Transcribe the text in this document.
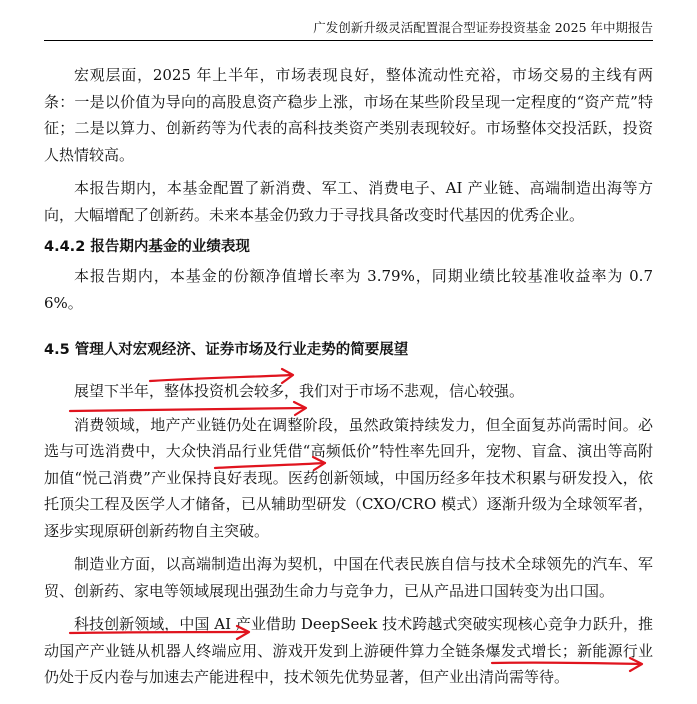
广发创新升级灵活配置混合型证券投资基金 2025 年中期报告

宏观层面，2025 年上半年，市场表现良好，整体流动性充裕，市场交易的主线有两条：一是以价值为导向的高股息资产稳步上涨，市场在某些阶段呈现一定程度的“资产荒”特征；二是以算力、创新药等为代表的高科技类资产类别表现较好。市场整体交投活跃，投资人热情较高。

本报告期内，本基金配置了新消费、军工、消费电子、AI 产业链、高端制造出海等方向，大幅增配了创新药。未来本基金仍致力于寻找具备改变时代基因的优秀企业。

4.4.2 报告期内基金的业绩表现

本报告期内，本基金的份额净值增长率为 3.79%，同期业绩比较基准收益率为 0.76%。

4.5 管理人对宏观经济、证券市场及行业走势的简要展望

展望下半年，整体投资机会较多，我们对于市场不悲观，信心较强。

消费领域，地产产业链仍处在调整阶段，虽然政策持续发力，但全面复苏尚需时间。必选与可选消费中，大众快消品行业凭借“高频低价”特性率先回升，宠物、盲盒、演出等高附加值“悦己消费”产业保持良好表现。医药创新领域，中国历经多年技术积累与研发投入，依托顶尖工程及医学人才储备，已从辅助型研发（CXO/CRO 模式）逐渐升级为全球领军者，逐步实现原研创新药物自主突破。

制造业方面，以高端制造出海为契机，中国在代表民族自信与技术全球领先的汽车、军贸、创新药、家电等领域展现出强劲生命力与竞争力，已从产品进口国转变为出口国。

科技创新领域，中国 AI 产业借助 DeepSeek 技术跨越式突破实现核心竞争力跃升，推动国产产业链从机器人终端应用、游戏开发到上游硬件算力全链条爆发式增长；新能源行业仍处于反内卷与加速去产能进程中，技术领先优势显著，但产业出清尚需等待。
